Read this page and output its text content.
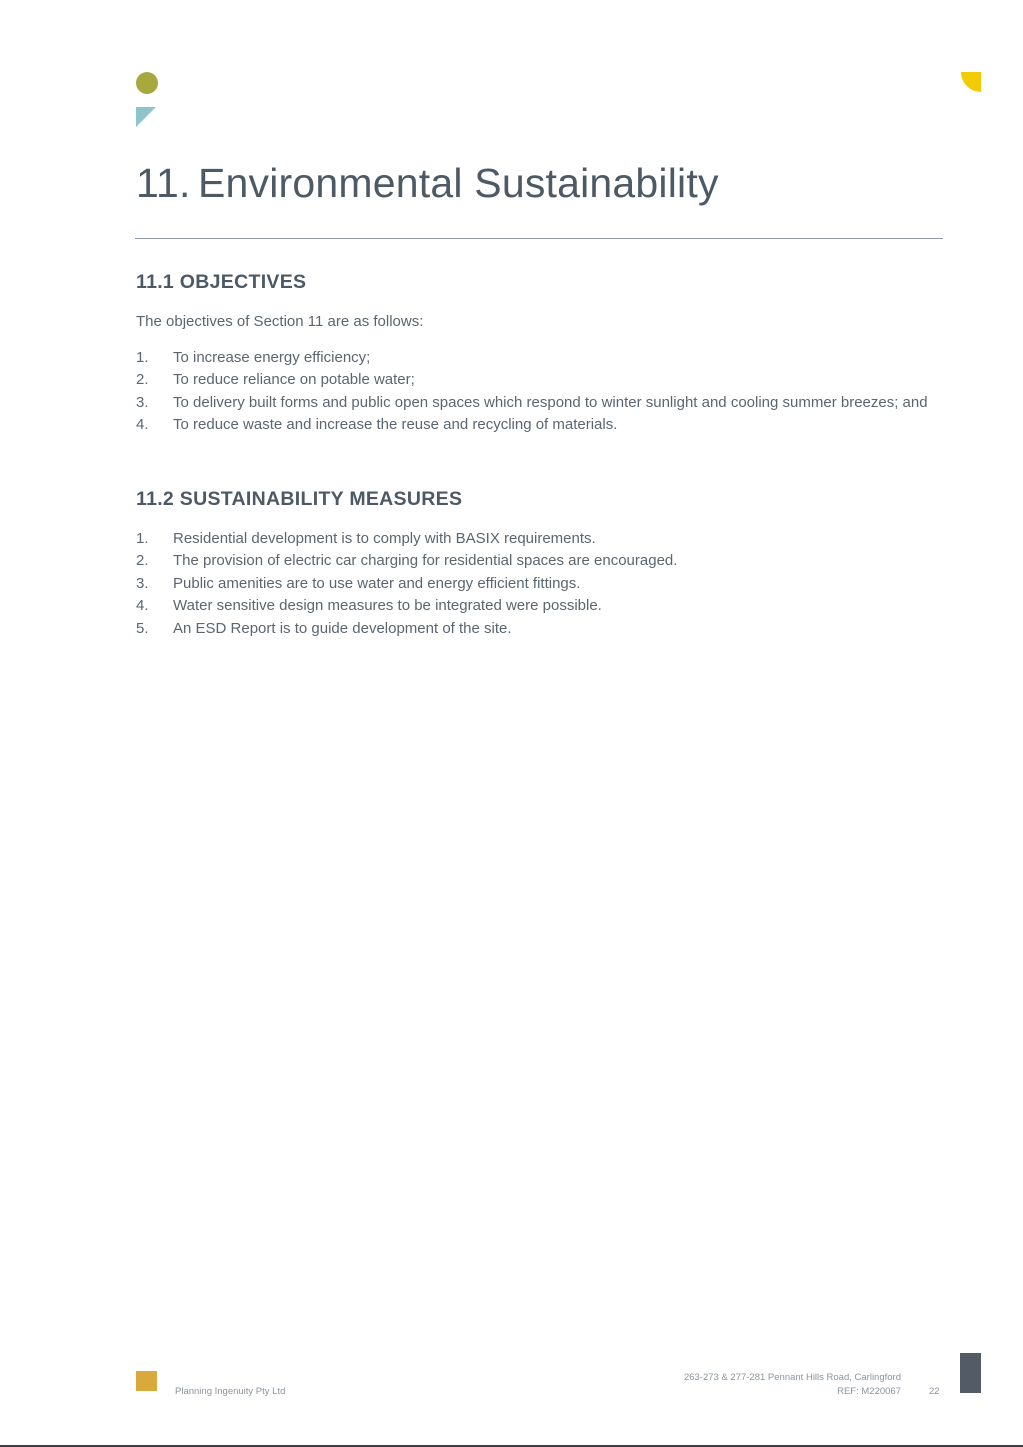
11. Environmental Sustainability
11.1 OBJECTIVES

The objectives of Section 11 are as follows:

1.	To increase energy efficiency;
2.	To reduce reliance on potable water;
3.	To delivery built forms and public open spaces which respond to winter sunlight and cooling summer breezes; and
4.	To reduce waste and increase the reuse and recycling of materials.
11.2 SUSTAINABILITY MEASURES
1.	Residential development is to comply with BASIX requirements.
2.	The provision of electric car charging for residential spaces are encouraged.
3.	Public amenities are to use water and energy efficient fittings.
4.	Water sensitive design measures to be integrated were possible.
5.	An ESD Report is to guide development of the site.
Planning Ingenuity Pty Ltd
263-273 & 277-281 Pennant Hills Road, Carlingford
REF: M220067	22
